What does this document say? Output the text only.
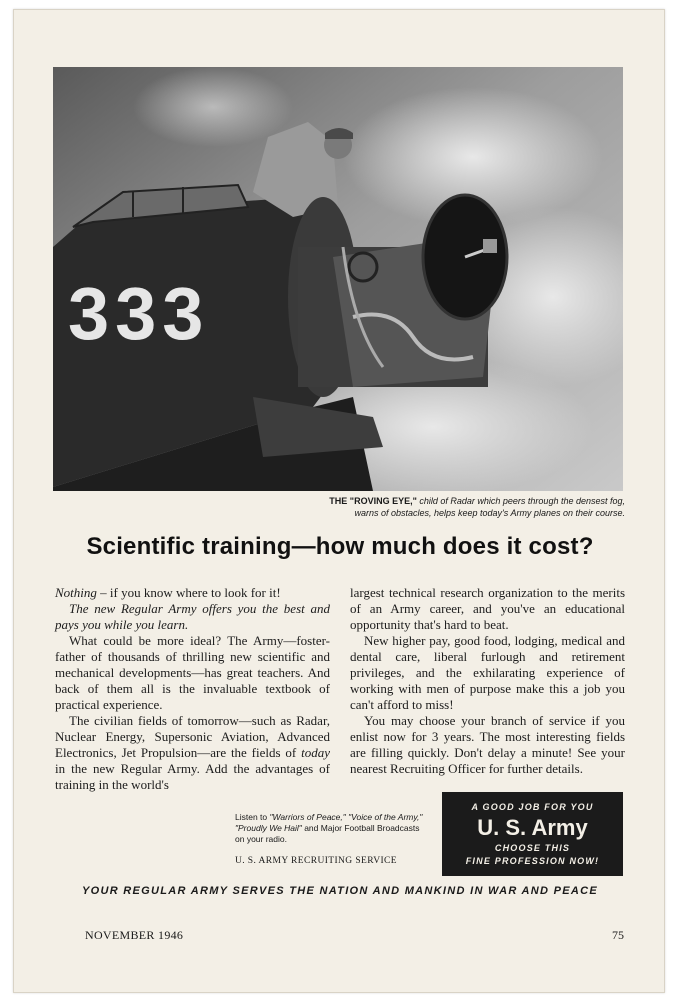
333
THE "ROVING EYE," child of Radar which peers through the densest fog,
warns of obstacles, helps keep today's Army planes on their course.
Scientific training—how much does it cost?

Nothing – if you know where to look for it!

The new Regular Army offers you the best and pays you while you learn.

What could be more ideal? The Army—foster-father of thousands of thrilling new scientific and mechanical developments—has great teachers. And back of them all is the invaluable textbook of practical experience.

The civilian fields of tomorrow—such as Radar, Nuclear Energy, Supersonic Aviation, Advanced Electronics, Jet Propulsion—are the fields of today in the new Regular Army. Add the advantages of training in the world's

largest technical research organization to the merits of an Army career, and you've an educational opportunity that's hard to beat.

New higher pay, good food, lodging, medical and dental care, liberal furlough and retirement privileges, and the exhilarating experience of working with men of purpose make this a job you can't afford to miss!

You may choose your branch of service if you enlist now for 3 years. The most interesting fields are filling quickly. Don't delay a minute! See your nearest Recruiting Officer for further details.

Listen to "Warriors of Peace," "Voice of the Army," "Proudly We Hail" and Major Football Broadcasts on your radio.
U. S. ARMY RECRUITING SERVICE
A GOOD JOB FOR YOU
U. S. Army
CHOOSE THIS
FINE PROFESSION NOW!
YOUR REGULAR ARMY SERVES THE NATION AND MANKIND IN WAR AND PEACE
NOVEMBER 1946	75
